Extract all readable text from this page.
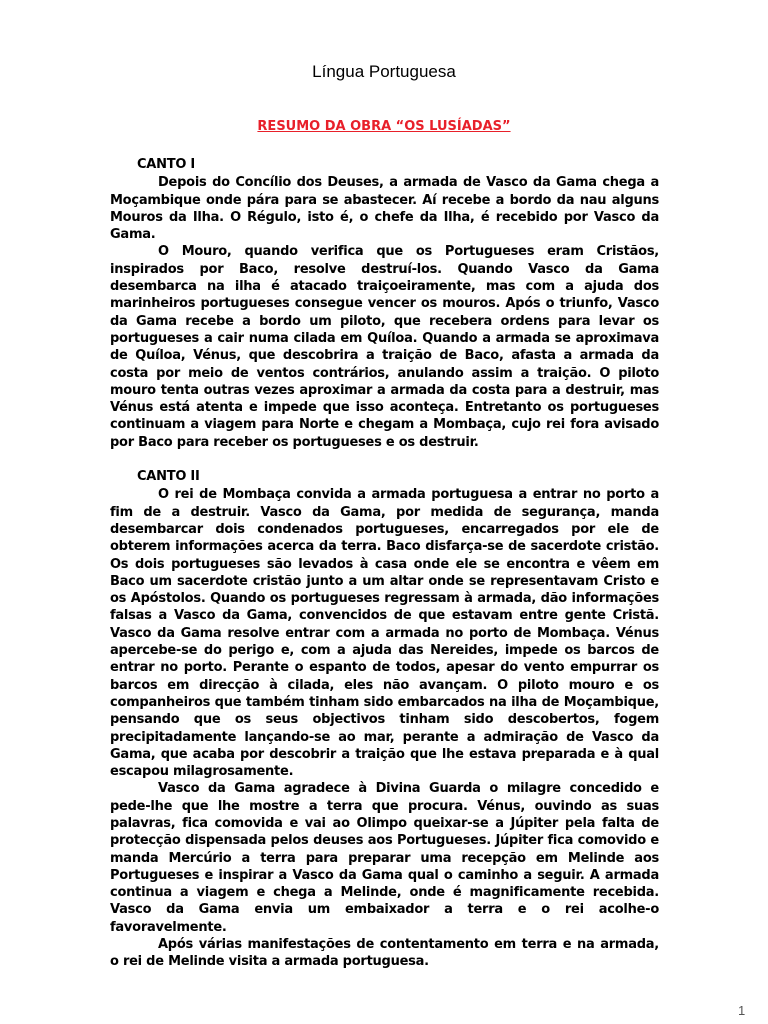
Língua Portuguesa
RESUMO DA OBRA “OS LUSÍADAS”
CANTO I

Depois do Concílio dos Deuses, a armada de Vasco da Gama chega a Moçambique onde pára para se abastecer. Aí recebe a bordo da nau alguns Mouros da Ilha. O Régulo, isto é, o chefe da Ilha, é recebido por Vasco da Gama.

O Mouro, quando verifica que os Portugueses eram Cristãos, inspirados por Baco, resolve destruí-los. Quando Vasco da Gama desembarca na ilha é atacado traiçoeiramente, mas com a ajuda dos marinheiros portugueses consegue vencer os mouros. Após o triunfo, Vasco da Gama recebe a bordo um piloto, que recebera ordens para levar os portugueses a cair numa cilada em Quíloa. Quando a armada se aproximava de Quíloa, Vénus, que descobrira a traição de Baco, afasta a armada da costa por meio de ventos contrários, anulando assim a traição. O piloto mouro tenta outras vezes aproximar a armada da costa para a destruir, mas Vénus está atenta e impede que isso aconteça. Entretanto os portugueses continuam a viagem para Norte e chegam a Mombaça, cujo rei fora avisado por Baco para receber os portugueses e os destruir.

CANTO II

O rei de Mombaça convida a armada portuguesa a entrar no porto a fim de a destruir. Vasco da Gama, por medida de segurança, manda desembarcar dois condenados portugueses, encarregados por ele de obterem informações acerca da terra. Baco disfarça-se de sacerdote cristão. Os dois portugueses são levados à casa onde ele se encontra e vêem em Baco um sacerdote cristão junto a um altar onde se representavam Cristo e os Apóstolos. Quando os portugueses regressam à armada, dão informações falsas a Vasco da Gama, convencidos de que estavam entre gente Cristã. Vasco da Gama resolve entrar com a armada no porto de Mombaça. Vénus apercebe-se do perigo e, com a ajuda das Nereides, impede os barcos de entrar no porto. Perante o espanto de todos, apesar do vento empurrar os barcos em direcção à cilada, eles não avançam. O piloto mouro e os companheiros que também tinham sido embarcados na ilha de Moçambique, pensando que os seus objectivos tinham sido descobertos, fogem precipitadamente lançando-se ao mar, perante a admiração de Vasco da Gama, que acaba por descobrir a traição que lhe estava preparada e à qual escapou milagrosamente.

Vasco da Gama agradece à Divina Guarda o milagre concedido e pede-lhe que lhe mostre a terra que procura. Vénus, ouvindo as suas palavras, fica comovida e vai ao Olimpo queixar-se a Júpiter pela falta de protecção dispensada pelos deuses aos Portugueses. Júpiter fica comovido e manda Mercúrio a terra para preparar uma recepção em Melinde aos Portugueses e inspirar a Vasco da Gama qual o caminho a seguir. A armada continua a viagem e chega a Melinde, onde é magnificamente recebida. Vasco da Gama envia um embaixador a terra e o rei acolhe-o favoravelmente.

Após várias manifestações de contentamento em terra e na armada, o rei de Melinde visita a armada portuguesa.

1
